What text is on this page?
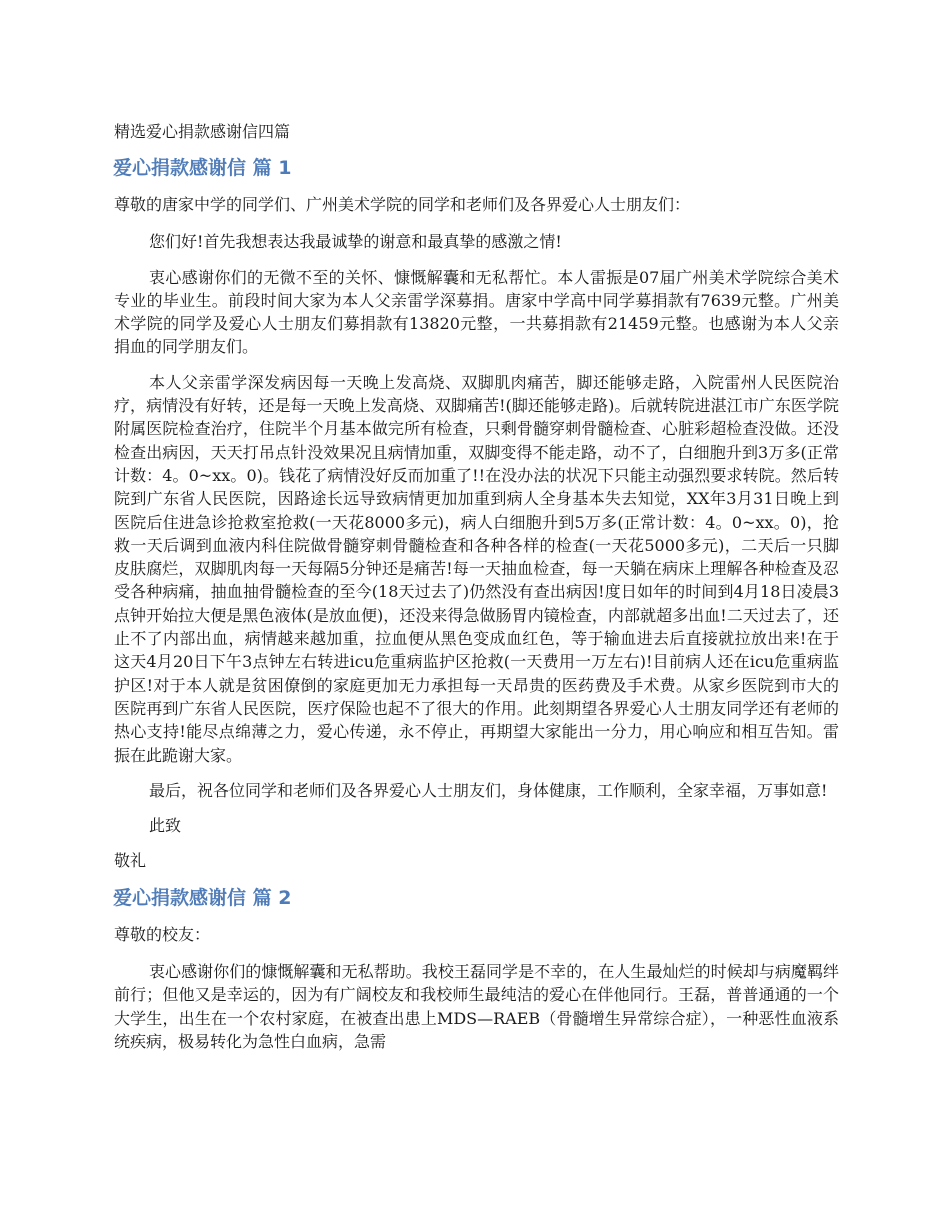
精选爱心捐款感谢信四篇
爱心捐款感谢信 篇 1

尊敬的唐家中学的同学们、广州美术学院的同学和老师们及各界爱心人士朋友们：

您们好!首先我想表达我最诚挚的谢意和最真挚的感激之情!

衷心感谢你们的无微不至的关怀、慷慨解囊和无私帮忙。本人雷振是07届广州美术学院综合美术专业的毕业生。前段时间大家为本人父亲雷学深募捐。唐家中学高中同学募捐款有7639元整。广州美术学院的同学及爱心人士朋友们募捐款有13820元整，一共募捐款有21459元整。也感谢为本人父亲捐血的同学朋友们。

本人父亲雷学深发病因每一天晚上发高烧、双脚肌肉痛苦，脚还能够走路，入院雷州人民医院治疗，病情没有好转，还是每一天晚上发高烧、双脚痛苦!(脚还能够走路)。后就转院进湛江市广东医学院附属医院检查治疗，住院半个月基本做完所有检查，只剩骨髓穿刺骨髓检查、心脏彩超检查没做。还没检查出病因，天天打吊点针没效果况且病情加重，双脚变得不能走路，动不了，白细胞升到3万多(正常计数：4。0~xx。0)。钱花了病情没好反而加重了!!在没办法的状况下只能主动强烈要求转院。然后转院到广东省人民医院，因路途长远导致病情更加加重到病人全身基本失去知觉，XX年3月31日晚上到医院后住进急诊抢救室抢救(一天花8000多元)，病人白细胞升到5万多(正常计数：4。0~xx。0)，抢救一天后调到血液内科住院做骨髓穿刺骨髓检查和各种各样的检查(一天花5000多元)，二天后一只脚皮肤腐烂，双脚肌肉每一天每隔5分钟还是痛苦!每一天抽血检查，每一天躺在病床上理解各种检查及忍受各种病痛，抽血抽骨髓检查的至今(18天过去了)仍然没有查出病因!度日如年的时间到4月18日凌晨3点钟开始拉大便是黑色液体(是放血便)，还没来得急做肠胃内镜检查，内部就超多出血!二天过去了，还止不了内部出血，病情越来越加重，拉血便从黑色变成血红色，等于输血进去后直接就拉放出来!在于这天4月20日下午3点钟左右转进icu危重病监护区抢救(一天费用一万左右)!目前病人还在icu危重病监护区!对于本人就是贫困僚倒的家庭更加无力承担每一天昂贵的医药费及手术费。从家乡医院到市大的医院再到广东省人民医院，医疗保险也起不了很大的作用。此刻期望各界爱心人士朋友同学还有老师的热心支持!能尽点绵薄之力，爱心传递，永不停止，再期望大家能出一分力，用心响应和相互告知。雷振在此跪谢大家。

最后，祝各位同学和老师们及各界爱心人士朋友们，身体健康，工作顺利，全家幸福，万事如意!

此致

敬礼

爱心捐款感谢信 篇 2

尊敬的校友：

衷心感谢你们的慷慨解囊和无私帮助。我校王磊同学是不幸的，在人生最灿烂的时候却与病魔羁绊前行；但他又是幸运的，因为有广阔校友和我校师生最纯洁的爱心在伴他同行。王磊，普普通通的一个大学生，出生在一个农村家庭，在被查出患上MDS—RAEB（骨髓增生异常综合症），一种恶性血液系统疾病，极易转化为急性白血病，急需
